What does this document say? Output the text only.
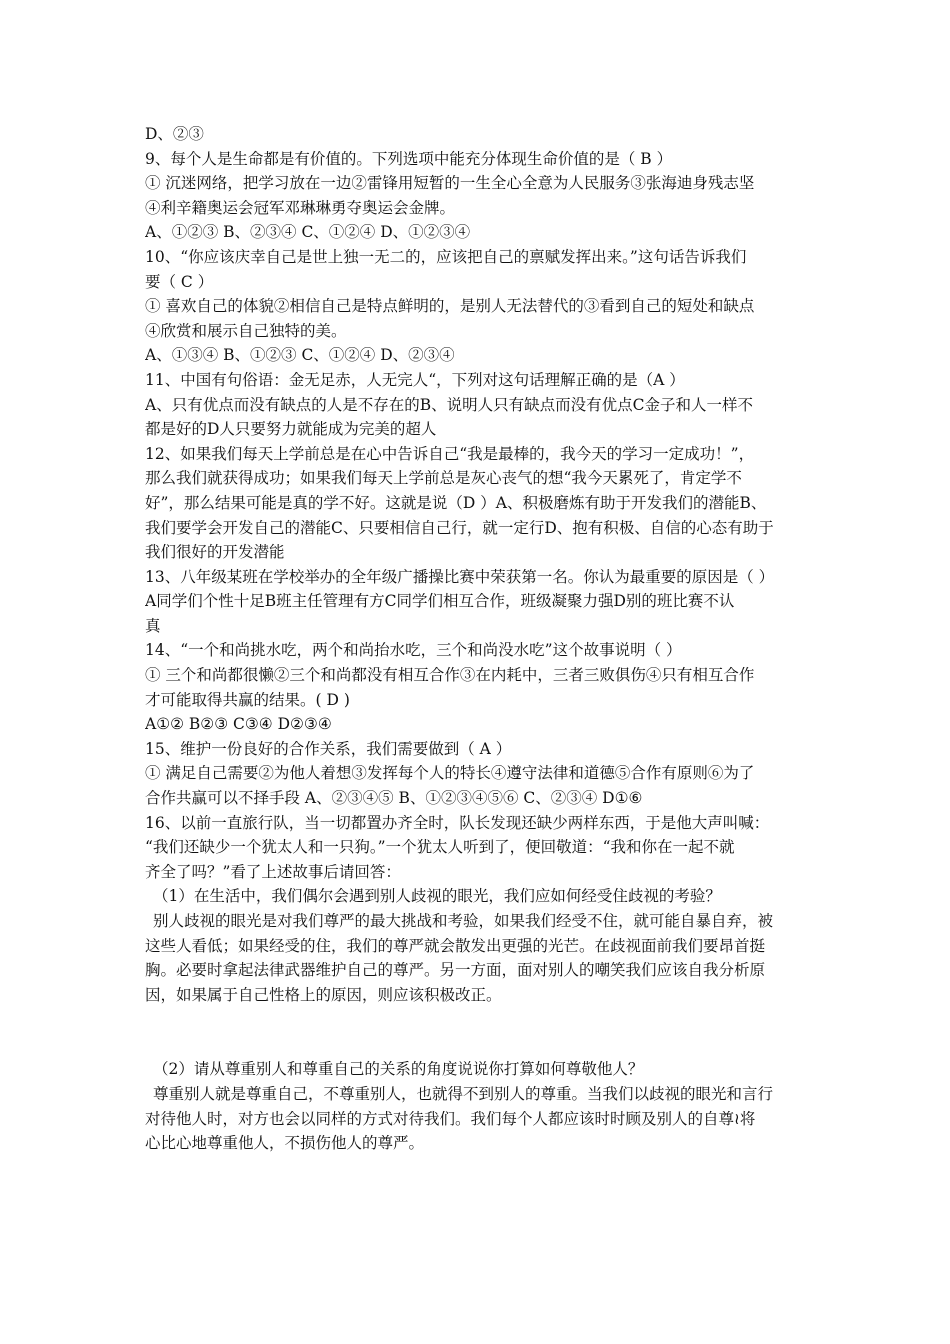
D、②③
9、每个人是生命都是有价值的。下列选项中能充分体现生命价值的是（ B ）
① 沉迷网络，把学习放在一边②雷锋用短暂的一生全心全意为人民服务③张海迪身残志坚
④利辛籍奥运会冠军邓琳琳勇夺奥运会金牌。
A、①②③ B、②③④ C、①②④ D、①②③④
10、“你应该庆幸自己是世上独一无二的，应该把自己的禀赋发挥出来。”这句话告诉我们
要（ C ）
① 喜欢自己的体貌②相信自己是特点鲜明的，是别人无法替代的③看到自己的短处和缺点
④欣赏和展示自己独特的美。
A、①③④ B、①②③ C、①②④ D、②③④
11、中国有句俗语：金无足赤，人无完人“，下列对这句话理解正确的是（A ）
A、只有优点而没有缺点的人是不存在的B、说明人只有缺点而没有优点C金子和人一样不
都是好的D人只要努力就能成为完美的超人
12、如果我们每天上学前总是在心中告诉自己“我是最棒的，我今天的学习一定成功！”，
那么我们就获得成功；如果我们每天上学前总是灰心丧气的想“我今天累死了，肯定学不
好”，那么结果可能是真的学不好。这就是说（D ）A、积极磨炼有助于开发我们的潜能B、
我们要学会开发自己的潜能C、只要相信自己行，就一定行D、抱有积极、自信的心态有助于
我们很好的开发潜能
13、八年级某班在学校举办的全年级广播操比赛中荣获第一名。你认为最重要的原因是（ ）
A同学们个性十足B班主任管理有方C同学们相互合作，班级凝聚力强D别的班比赛不认
真
14、“一个和尚挑水吃，两个和尚抬水吃，三个和尚没水吃”这个故事说明（ ）
① 三个和尚都很懒②三个和尚都没有相互合作③在内耗中，三者三败俱伤④只有相互合作
才可能取得共赢的结果。( D )
A①② B②③ C③④ D②③④
15、维护一份良好的合作关系，我们需要做到（ A ）
① 满足自己需要②为他人着想③发挥每个人的特长④遵守法律和道德⑤合作有原则⑥为了
合作共赢可以不择手段 A、②③④⑤ B、①②③④⑤⑥ C、②③④ D①⑥
16、以前一直旅行队，当一切都置办齐全时，队长发现还缺少两样东西，于是他大声叫喊：
“我们还缺少一个犹太人和一只狗。”一个犹太人听到了，便回敬道：“我和你在一起不就
齐全了吗？”看了上述故事后请回答：
（1）在生活中，我们偶尔会遇到别人歧视的眼光，我们应如何经受住歧视的考验？
别人歧视的眼光是对我们尊严的最大挑战和考验，如果我们经受不住，就可能自暴自弃，被
这些人看低；如果经受的住，我们的尊严就会散发出更强的光芒。在歧视面前我们要昂首挺
胸。必要时拿起法律武器维护自己的尊严。另一方面，面对别人的嘲笑我们应该自我分析原
因，如果属于自己性格上的原因，则应该积极改正。
（2）请从尊重别人和尊重自己的关系的角度说说你打算如何尊敬他人？
尊重别人就是尊重自己，不尊重别人，也就得不到别人的尊重。当我们以歧视的眼光和言行
对待他人时，对方也会以同样的方式对待我们。我们每个人都应该时时顾及别人的自尊≀将
心比心地尊重他人，不损伤他人的尊严。
